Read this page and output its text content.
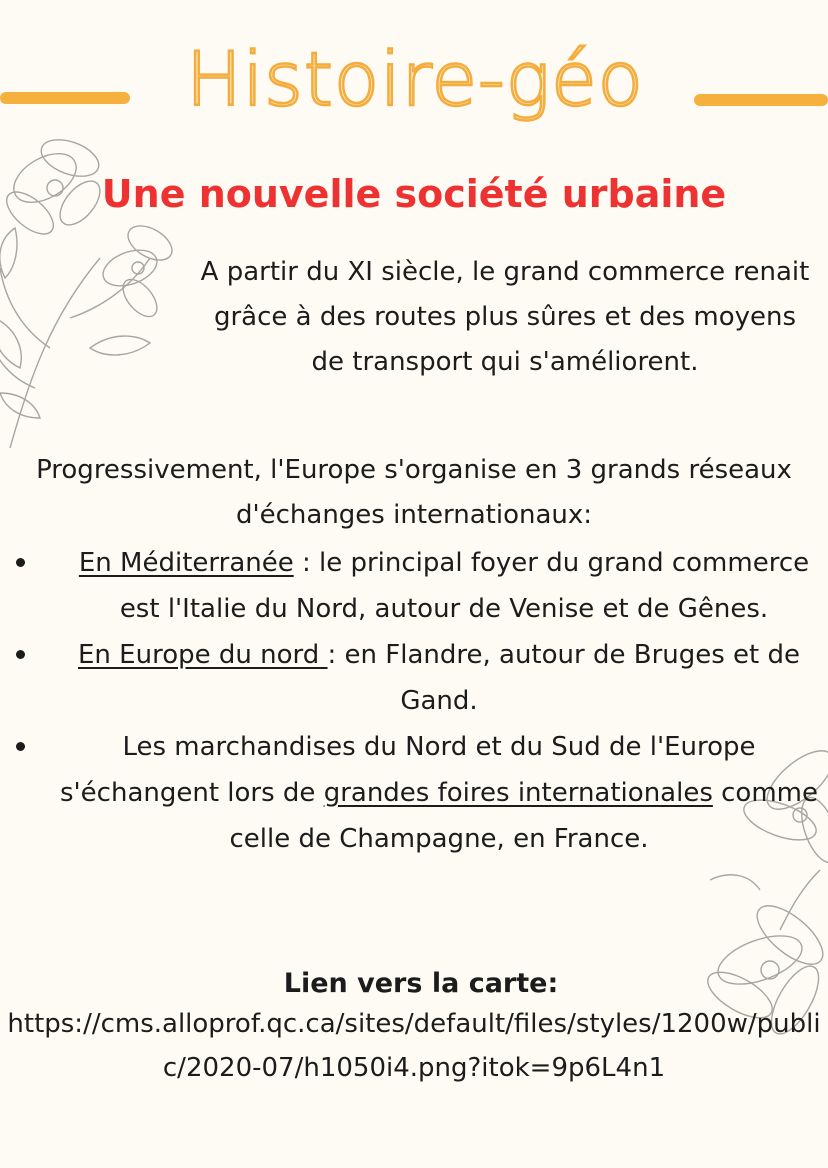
Histoire-géo
Une nouvelle société urbaine

A partir du XI siècle, le grand commerce renait grâce à des routes plus sûres et des moyens de transport qui s'améliorent.

Progressivement, l'Europe s'organise en 3 grands réseaux d'échanges internationaux:

En Méditerranée : le principal foyer du grand commerce est l'Italie du Nord, autour de Venise et de Gênes.

En Europe du nord : en Flandre, autour de Bruges et de Gand.

Les marchandises du Nord et du Sud de l'Europe s'échangent lors de grandes foires internationales comme celle de Champagne, en France.

Lien vers la carte:

https://cms.alloprof.qc.ca/sites/default/files/styles/1200w/public/2020-07/h1050i4.png?itok=9p6L4n1
